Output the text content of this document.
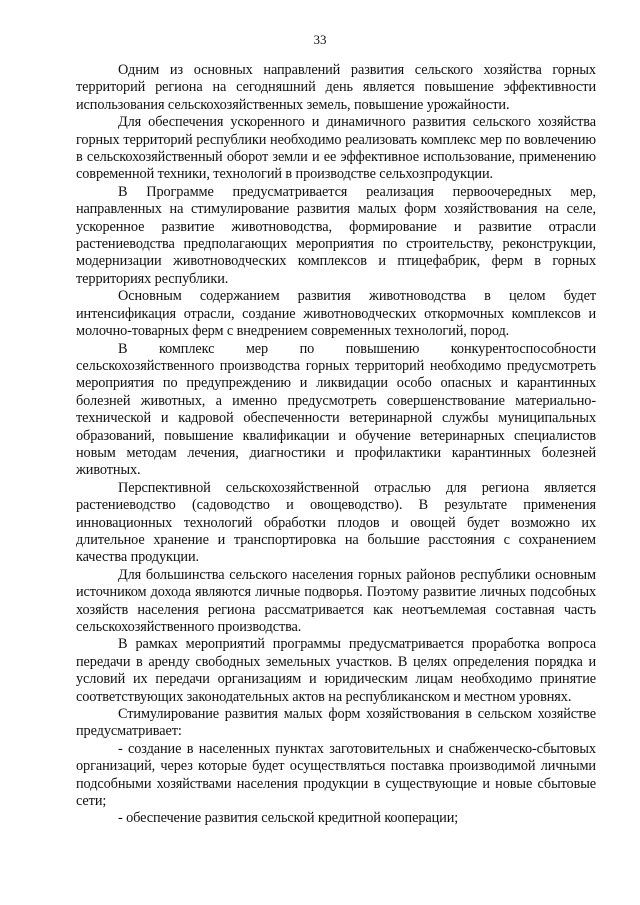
33

Одним из основных направлений развития сельского хозяйства горных территорий региона на сегодняшний день является повышение эффективности использования сельскохозяйственных земель, повышение урожайности.

Для обеспечения ускоренного и динамичного развития сельского хозяйства горных территорий республики необходимо реализовать комплекс мер по вовлечению в сельскохозяйственный оборот земли и ее эффективное использование, применению современной техники, технологий в производстве сельхозпродукции.

В Программе предусматривается реализация первоочередных мер, направленных на стимулирование развития малых форм хозяйствования на селе, ускоренное развитие животноводства, формирование и развитие отрасли растениеводства предполагающих мероприятия по строительству, реконструкции, модернизации животноводческих комплексов и птицефабрик, ферм в горных территориях республики.

Основным содержанием развития животноводства в целом будет интенсификация отрасли, создание животноводческих откормочных комплексов и молочно-товарных ферм с внедрением современных технологий, пород.

В комплекс мер по повышению конкурентоспособности сельскохозяйственного производства горных территорий необходимо предусмотреть мероприятия по предупреждению и ликвидации особо опасных и карантинных болезней животных, а именно предусмотреть совершенствование материально-технической и кадровой обеспеченности ветеринарной службы муниципальных образований, повышение квалификации и обучение ветеринарных специалистов новым методам лечения, диагностики и профилактики карантинных болезней животных.

Перспективной сельскохозяйственной отраслью для региона является растениеводство (садоводство и овощеводство). В результате применения инновационных технологий обработки плодов и овощей будет возможно их длительное хранение и транспортировка на большие расстояния с сохранением качества продукции.

Для большинства сельского населения горных районов республики основным источником дохода являются личные подворья. Поэтому развитие личных подсобных хозяйств населения региона рассматривается как неотъемлемая составная часть сельскохозяйственного производства.

В рамках мероприятий программы предусматривается проработка вопроса передачи в аренду свободных земельных участков. В целях определения порядка и условий их передачи организациям и юридическим лицам необходимо принятие соответствующих законодательных актов на республиканском и местном уровнях.

Стимулирование развития малых форм хозяйствования в сельском хозяйстве предусматривает:

- создание в населенных пунктах заготовительных и снабженческо-сбытовых организаций, через которые будет осуществляться поставка производимой личными подсобными хозяйствами населения продукции в существующие и новые сбытовые сети;

- обеспечение развития сельской кредитной кооперации;
